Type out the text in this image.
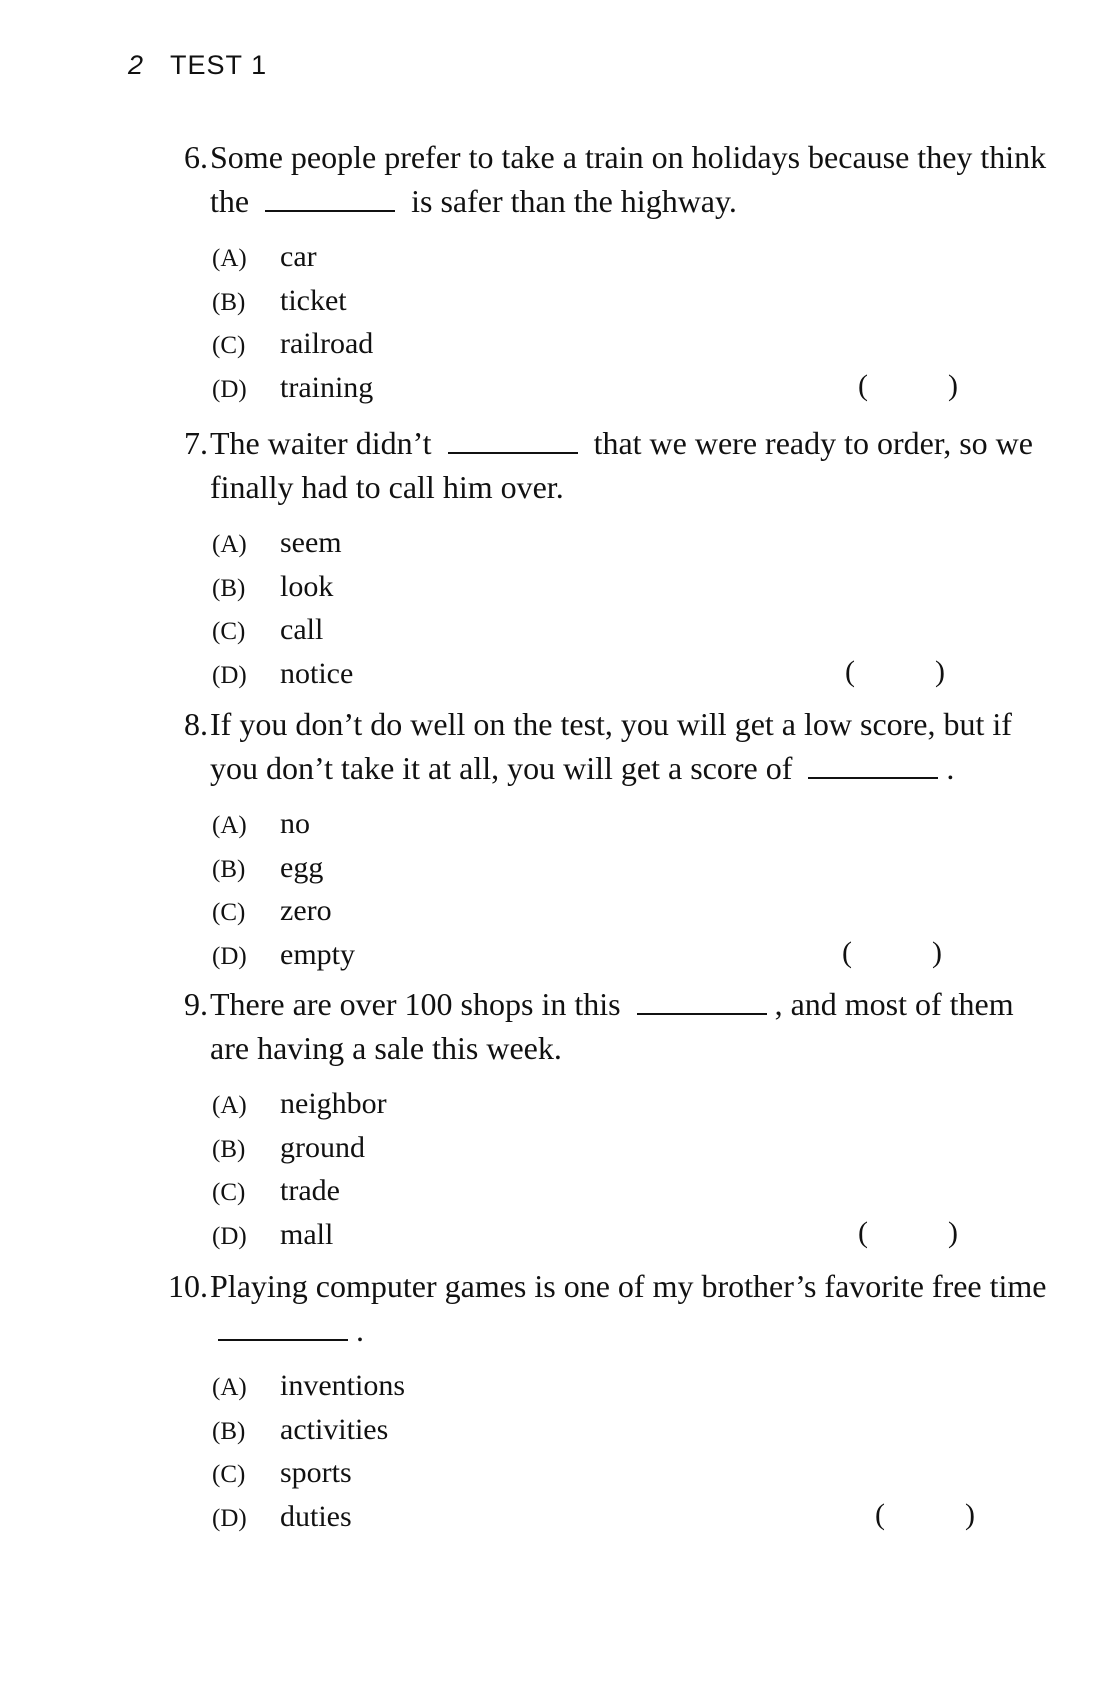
2 TEST 1
6. Some people prefer to take a train on holidays because they think the	is safer than the highway.
(A) car
(B) ticket
(C) railroad
(D) training	(	)
7. The waiter didn’t	that we were ready to order, so we finally had to call him over.
(A) seem
(B) look
(C) call
(D) notice	(	)
8. If you don’t do well on the test, you will get a low score, but if you don’t take it at all, you will get a score of	.
(A) no
(B) egg
(C) zero
(D) empty	(	)
9. There are over 100 shops in this	, and most of them are having a sale this week.
(A) neighbor
(B) ground
(C) trade
(D) mall	(	)
10. Playing computer games is one of my brother’s favorite free time .
(A) inventions
(B) activities
(C) sports
(D) duties	(	)
